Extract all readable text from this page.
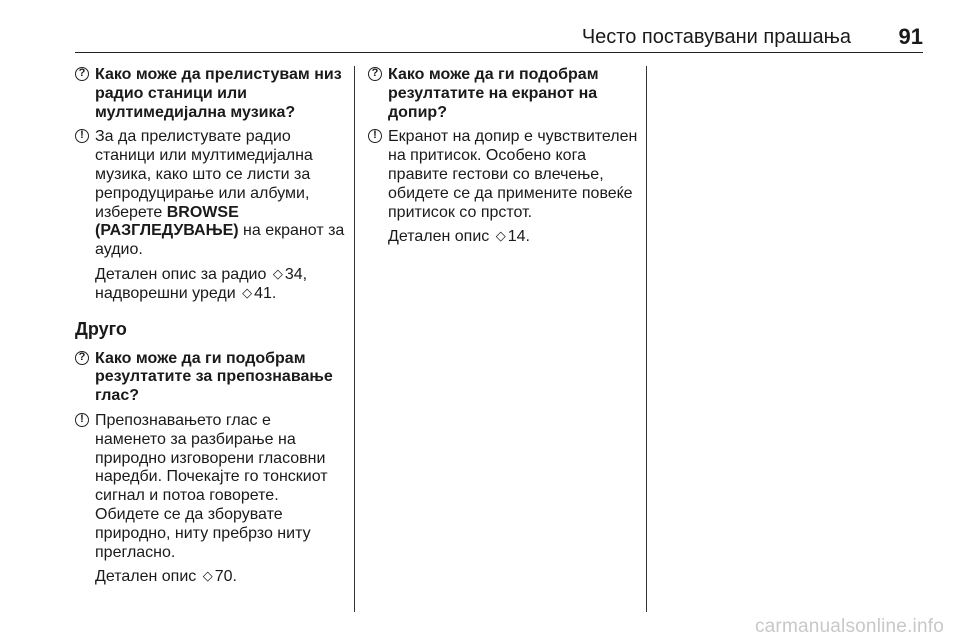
Често поставувани прашања 91
? Како може да прелистувам низ радио станици или мултимедијална музика?
! За да прелистувате радио станици или мултимедијална музика, како што се листи за репродуцирање или албуми, изберете BROWSE (РАЗГЛЕДУВАЊЕ) на екранот за аудио.
Детален опис за радио ◇ 34, надворешни уреди ◇ 41.
Друго
? Како може да ги подобрам резултатите за препознавање глас?
! Препознавањето глас е наменето за разбирање на природно изговорени гласовни наредби. Почекајте го тонскиот сигнал и потоа говорете. Обидете се да зборувате природно, ниту пребрзо ниту прегласно.
Детален опис ◇ 70.
? Како може да ги подобрам резултатите на екранот на допир?
! Екранот на допир е чувствителен на притисок. Особено кога правите гестови со влечење, обидете се да примените повеќе притисок со прстот.
Детален опис ◇ 14.
carmanualsonline.info
